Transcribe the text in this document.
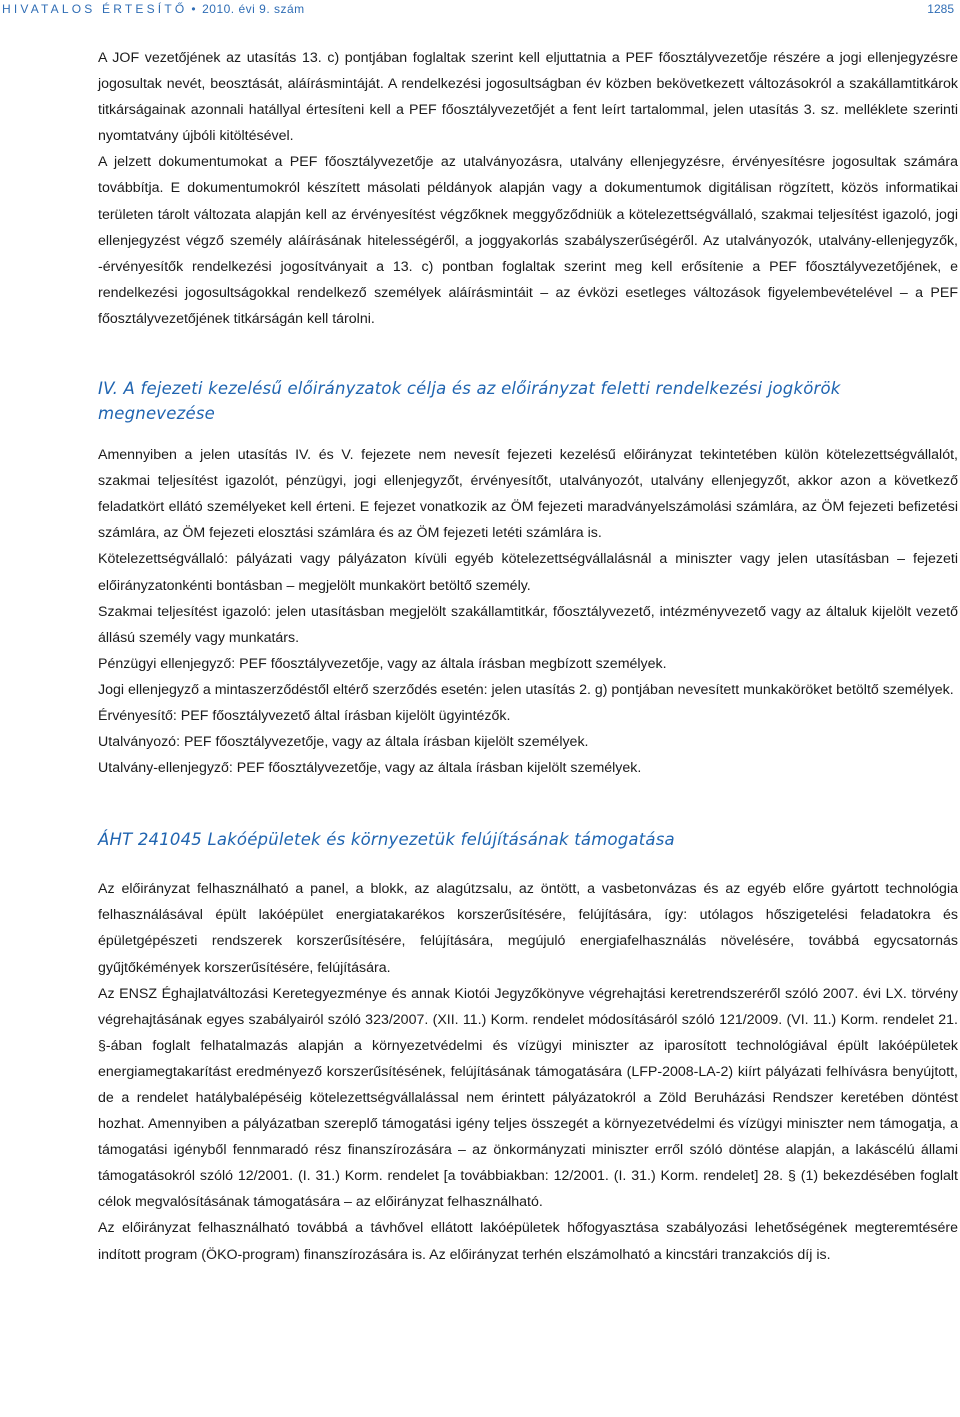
HIVATALOS ÉRTESÍTŐ • 2010. évi 9. szám	1285

A JOF vezetőjének az utasítás 13. c) pontjában foglaltak szerint kell eljuttatnia a PEF főosztályvezetője részére a jogi ellenjegyzésre jogosultak nevét, beosztását, aláírásmintáját. A rendelkezési jogosultságban év közben bekövetkezett változásokról a szakállamtitkárok titkárságainak azonnali hatállyal értesíteni kell a PEF főosztályvezetőjét a fent leírt tartalommal, jelen utasítás 3. sz. melléklete szerinti nyomtatvány újbóli kitöltésével.

A jelzett dokumentumokat a PEF főosztályvezetője az utalványozásra, utalvány ellenjegyzésre, érvényesítésre jogosultak számára továbbítja. E dokumentumokról készített másolati példányok alapján vagy a dokumentumok digitálisan rögzített, közös informatikai területen tárolt változata alapján kell az érvényesítést végzőknek meggyőződniük a kötelezettségvállaló, szakmai teljesítést igazoló, jogi ellenjegyzést végző személy aláírásának hitelességéről, a joggyakorlás szabályszerűségéről. Az utalványozók, utalvány-ellenjegyzők, -érvényesítők rendelkezési jogosítványait a 13. c) pontban foglaltak szerint meg kell erősítenie a PEF főosztályvezetőjének, e rendelkezési jogosultságokkal rendelkező személyek aláírásmintáit – az évközi esetleges változások figyelembevételével – a PEF főosztályvezetőjének titkárságán kell tárolni.

IV. A fejezeti kezelésű előirányzatok célja és az előirányzat feletti rendelkezési jogkörök megnevezése

Amennyiben a jelen utasítás IV. és V. fejezete nem nevesít fejezeti kezelésű előirányzat tekintetében külön kötelezettségvállalót, szakmai teljesítést igazolót, pénzügyi, jogi ellenjegyzőt, érvényesítőt, utalványozót, utalvány ellenjegyzőt, akkor azon a következő feladatkört ellátó személyeket kell érteni. E fejezet vonatkozik az ÖM fejezeti maradványelszámolási számlára, az ÖM fejezeti befizetési számlára, az ÖM fejezeti elosztási számlára és az ÖM fejezeti letéti számlára is.

Kötelezettségvállaló: pályázati vagy pályázaton kívüli egyéb kötelezettségvállalásnál a miniszter vagy jelen utasításban – fejezeti előirányzatonkénti bontásban – megjelölt munkakört betöltő személy.

Szakmai teljesítést igazoló: jelen utasításban megjelölt szakállamtitkár, főosztályvezető, intézményvezető vagy az általuk kijelölt vezető állású személy vagy munkatárs.

Pénzügyi ellenjegyző: PEF főosztályvezetője, vagy az általa írásban megbízott személyek.

Jogi ellenjegyző a mintaszerződéstől eltérő szerződés esetén: jelen utasítás 2. g) pontjában nevesített munkaköröket betöltő személyek.

Érvényesítő: PEF főosztályvezető által írásban kijelölt ügyintézők.

Utalványozó: PEF főosztályvezetője, vagy az általa írásban kijelölt személyek.

Utalvány-ellenjegyző: PEF főosztályvezetője, vagy az általa írásban kijelölt személyek.

ÁHT 241045 Lakóépületek és környezetük felújításának támogatása

Az előirányzat felhasználható a panel, a blokk, az alagútzsalu, az öntött, a vasbetonvázas és az egyéb előre gyártott technológia felhasználásával épült lakóépület energiatakarékos korszerűsítésére, felújítására, így: utólagos hőszigetelési feladatokra és épületgépészeti rendszerek korszerűsítésére, felújítására, megújuló energiafelhasználás növelésére, továbbá egycsatornás gyűjtőkémények korszerűsítésére, felújítására.

Az ENSZ Éghajlatváltozási Keretegyezménye és annak Kiotói Jegyzőkönyve végrehajtási keretrendszeréről szóló 2007. évi LX. törvény végrehajtásának egyes szabályairól szóló 323/2007. (XII. 11.) Korm. rendelet módosításáról szóló 121/2009. (VI. 11.) Korm. rendelet 21. §-ában foglalt felhatalmazás alapján a környezetvédelmi és vízügyi miniszter az iparosított technológiával épült lakóépületek energiamegtakarítást eredményező korszerűsítésének, felújításának támogatására (LFP-2008-LA-2) kiírt pályázati felhívásra benyújtott, de a rendelet hatálybalépéséig kötelezettségvállalással nem érintett pályázatokról a Zöld Beruházási Rendszer keretében döntést hozhat. Amennyiben a pályázatban szereplő támogatási igény teljes összegét a környezetvédelmi és vízügyi miniszter nem támogatja, a támogatási igényből fennmaradó rész finanszírozására – az önkormányzati miniszter erről szóló döntése alapján, a lakáscélú állami támogatásokról szóló 12/2001. (I. 31.) Korm. rendelet [a továbbiakban: 12/2001. (I. 31.) Korm. rendelet] 28. § (1) bekezdésében foglalt célok megvalósításának támogatására – az előirányzat felhasználható.

Az előirányzat felhasználható továbbá a távhővel ellátott lakóépületek hőfogyasztása szabályozási lehetőségének megteremtésére indított program (ÖKO-program) finanszírozására is. Az előirányzat terhén elszámolható a kincstári tranzakciós díj is.
